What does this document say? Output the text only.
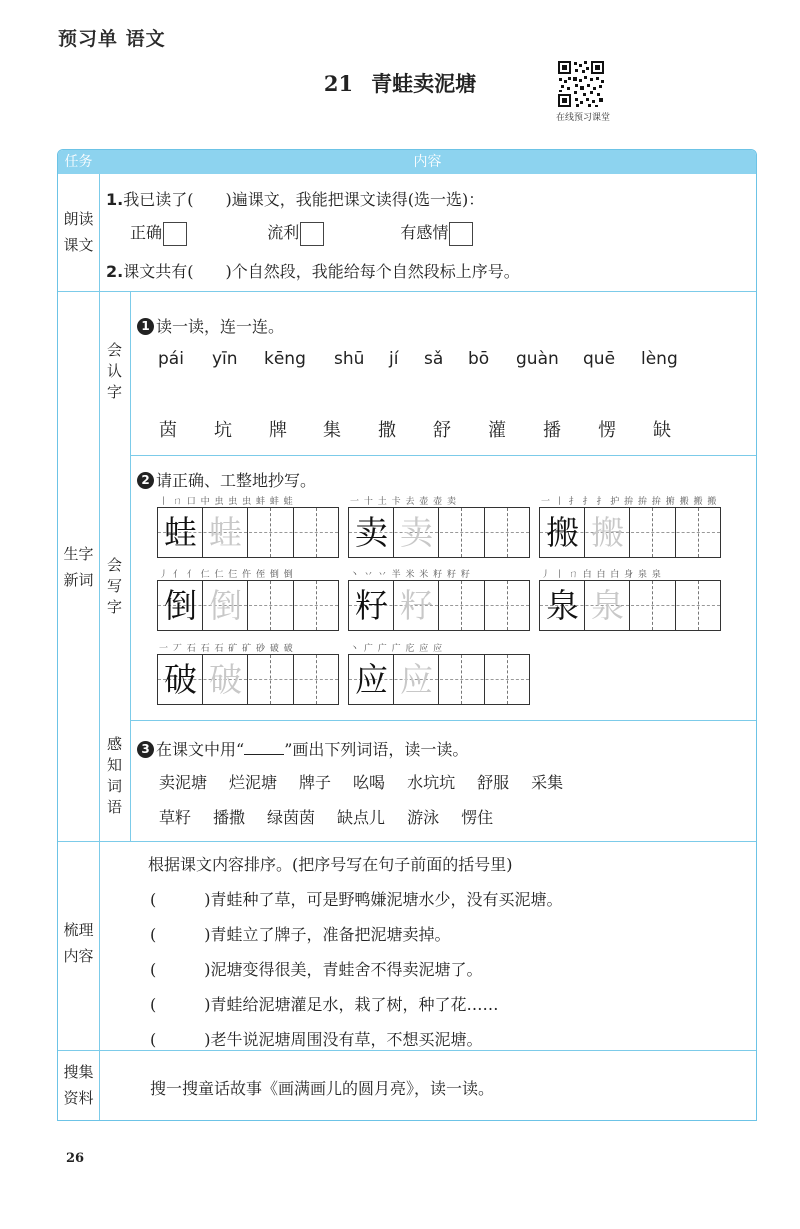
预习单 语文
21 青蛙卖泥塘
在线预习课堂
任务	内容
朗读
课文
1.我已读了(　　)遍课文，我能把课文读得(选一选)：
正确	流利	有感情
2.课文共有(　　)个自然段，我能给每个自然段标上序号。
生字
新词
会
认
字
1 读一读，连一连。
pái yīn kēng shū jí sǎ bō guàn quē lèng
茵 坑 牌 集 撒 舒 灌 播 愣 缺
会
写
字
2 请正确、工整地抄写。
丨 ㄇ 口 中 虫 虫 虫 蚌 蚌 蛙
蛙 蛙
一 十 土 卡 去 壶 壶 卖
卖 卖
一 丨 扌 扌 扌 护 拚 拚 拚 捬 搬 搬 搬
搬 搬
丿 亻 亻 仁 仁 仨 仵 侄 倒 倒
倒 倒
丶 丷 丷 半 米 米 籽 籽 籽
籽 籽
丿 丨 ㄇ 白 白 白 身 泉 泉
泉 泉
一 丆 石 石 石 矿 矿 砂 破 破
破 破
丶 广 广 广 庀 应 应
应 应
感
知
词
语
3 在课文中用“	”画出下列词语，读一读。
卖泥塘 烂泥塘 牌子 吆喝 水坑坑 舒服 采集
草籽 播撒 绿茵茵 缺点儿 游泳 愣住
梳理
内容
根据课文内容排序。(把序号写在句子前面的括号里)
(　　　)青蛙种了草，可是野鸭嫌泥塘水少，没有买泥塘。
(　　　)青蛙立了牌子，准备把泥塘卖掉。
(　　　)泥塘变得很美，青蛙舍不得卖泥塘了。
(　　　)青蛙给泥塘灌足水，栽了树，种了花……
(　　　)老牛说泥塘周围没有草，不想买泥塘。
搜集
资料	搜一搜童话故事《画满画儿的圆月亮》，读一读。
26
